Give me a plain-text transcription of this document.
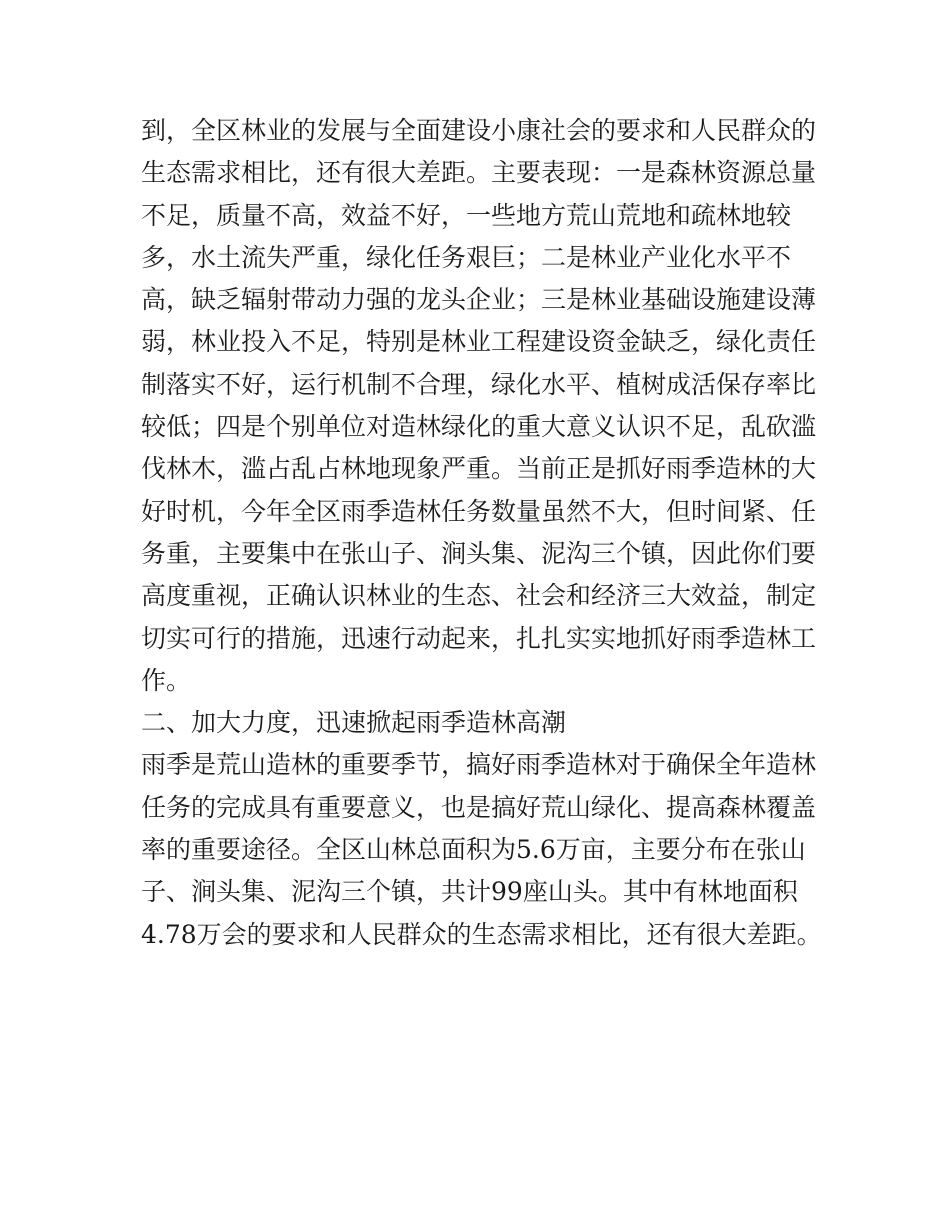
到，全区林业的发展与全面建设小康社会的要求和人民群众的
生态需求相比，还有很大差距。主要表现：一是森林资源总量
不足，质量不高，效益不好，一些地方荒山荒地和疏林地较
多，水土流失严重，绿化任务艰巨；二是林业产业化水平不
高，缺乏辐射带动力强的龙头企业；三是林业基础设施建设薄
弱，林业投入不足，特别是林业工程建设资金缺乏，绿化责任
制落实不好，运行机制不合理，绿化水平、植树成活保存率比
较低；四是个别单位对造林绿化的重大意义认识不足，乱砍滥
伐林木，滥占乱占林地现象严重。当前正是抓好雨季造林的大
好时机，今年全区雨季造林任务数量虽然不大，但时间紧、任
务重，主要集中在张山子、涧头集、泥沟三个镇，因此你们要
高度重视，正确认识林业的生态、社会和经济三大效益，制定
切实可行的措施，迅速行动起来，扎扎实实地抓好雨季造林工
作。
二、加大力度，迅速掀起雨季造林高潮
雨季是荒山造林的重要季节，搞好雨季造林对于确保全年造林
任务的完成具有重要意义，也是搞好荒山绿化、提高森林覆盖
率的重要途径。全区山林总面积为5.6万亩，主要分布在张山
子、涧头集、泥沟三个镇，共计99座山头。其中有林地面积
4.78万会的要求和人民群众的生态需求相比，还有很大差距。
